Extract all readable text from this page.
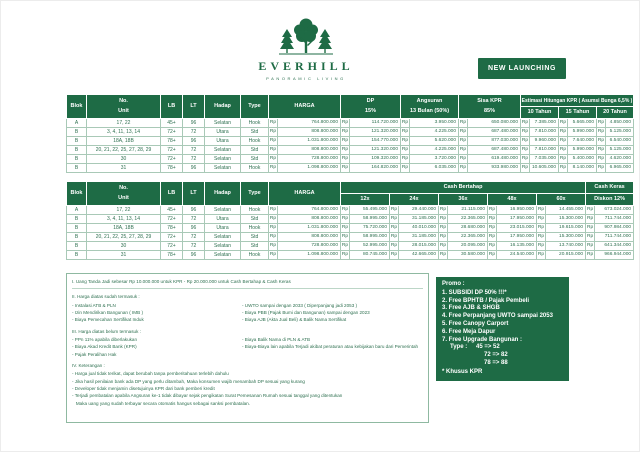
EVERHILL
PANORAMIC LIVING
NEW LAUNCHING
Blok	
No.
Unit
	LB	LT	Hadap	Type	HARGA	
DP
15%

Angsuran
13 Bulan (50%)

Sisa KPR
85%
	Estimasi Hitungan KPR ( Asumsi Bunga 6,5% )
										10 Tahun	15 Tahun	20 Tahun
A	17, 22	45+	96	Selatan	Hook	Rp 764.800.000	Rp 114.720.000	Rp 3.950.000	Rp 650.080.000	Rp 7.385.000	Rp 5.665.000	Rp 4.850.000

B	3, 4, 11, 13, 14	72+	72	Utara	Std	Rp 808.800.000	Rp 121.320.000	Rp 4.225.000	Rp 687.480.000	Rp 7.810.000	Rp 5.990.000	Rp 5.125.000

B	18A, 18B	78+	96	Utara	Hook	Rp 1.031.800.000	Rp 154.770.000	Rp 5.620.000	Rp 877.030.000	Rp 9.960.000	Rp 7.640.000	Rp 6.540.000

B	20, 21, 22, 25, 27, 28, 29	72+	72	Selatan	Std	Rp 808.800.000	Rp 121.320.000	Rp 4.225.000	Rp 687.480.000	Rp 7.810.000	Rp 5.990.000	Rp 5.125.000

B	30	72+	72	Selatan	Std	Rp 728.800.000	Rp 109.320.000	Rp 3.720.000	Rp 619.480.000	Rp 7.035.000	Rp 5.400.000	Rp 4.620.000

B	31	78+	96	Selatan	Hook	Rp 1.098.800.000	Rp 164.820.000	Rp 6.035.000	Rp 933.980.000	Rp 10.605.000	Rp 8.140.000	Rp 6.965.000
Blok	No.
Unit	LB	LT	Hadap	Type	HARGA	Cash Bertahap					Cash Keras
							12x	24x	36x	48x	60x	Diskon 12%
A	17, 22	45+	96	Selatan	Hook	Rp 764.800.000	Rp 55.495.000	Rp 29.440.000	Rp 21.115.000	Rp 16.950.000	Rp 14.455.000	Rp 673.024.000

B	3, 4, 11, 13, 14	72+	72	Utara	Std	Rp 808.800.000	Rp 58.995.000	Rp 31.185.000	Rp 22.365.000	Rp 17.950.000	Rp 15.300.000	Rp 711.744.000

B	18A, 18B	78+	96	Utara	Hook	Rp 1.031.800.000	Rp 75.720.000	Rp 40.010.000	Rp 28.680.000	Rp 23.015.000	Rp 19.615.000	Rp 907.984.000

B	20, 21, 22, 25, 27, 28, 29	72+	72	Selatan	Std	Rp 808.800.000	Rp 58.995.000	Rp 31.185.000	Rp 22.365.000	Rp 17.950.000	Rp 15.300.000	Rp 711.744.000

B	30	72+	72	Selatan	Std	Rp 728.800.000	Rp 52.995.000	Rp 28.015.000	Rp 20.095.000	Rp 16.135.000	Rp 13.740.000	Rp 641.344.000

B	31	78+	96	Selatan	Hook	Rp 1.098.800.000	Rp 80.745.000	Rp 42.665.000	Rp 30.580.000	Rp 24.540.000	Rp 20.915.000	Rp 966.944.000
I. Uang Tanda Jadi sebesar Rp 10.000.000 untuk KPR - Rp 20.000.000 untuk Cash Bertahap & Cash Keras
II. Harga diatas sudah termasuk :
- Instalasi ATB & PLN	- UWTO sampai dengan 2033 ( Diperpanjang jadi 2053 )
- Izin Mendirikan Bangunan ( IMB )	- Biaya PBB (Pajak Bumi dan Bangunan) sampai dengan 2023
- Biaya Pemecahan Sertifikat Induk	- Biaya AJB (Akta Jual Beli) & Balik Nama Sertifikat
III. Harga diatas belum termasuk :
- PPn 11% apabila diberlakukan	- Biaya Balik Nama di PLN & ATB
- Biaya Akad Kredit Bank (KPR)	- Biaya-Biaya lain apabila Terjadi akibat peraturan atau kebijakan baru dari Pemerintah
- Pajak Peralihan Hak
IV. Keterangan :
- Harga jual tidak terikat, dapat berubah tanpa pemberitahuan terlebih dahulu
- Jika hasil penilaian bank ada DP yang perlu ditambah, Maka konsumen wajib menambah DP sesuai yang kurang
- Developer tidak menjamin disetujuinya KPR dari bank pemberi kredit
- Terjadi pembatalan apabila Angsuran ke-1 tidak dibayar sejak pengikatan Surat Pemesanan Rumah sesuai tanggal yang ditentukan
Maka uang yang sudah terbayar secara otomatis hangus sebagai sanksi pembatalan.
Promo :
1. SUBSIDI DP 50% !!!*
2. Free BPHTB / Pajak Pembeli
3. Free AJB & SHGB
4. Free Perpanjang UWTO sampai 2053
5. Free Canopy Carport
6. Free Meja Dapur
7. Free Upgrade Bangunan :
Type :	45 => 52
72 => 82
78 => 88
* Khusus KPR
